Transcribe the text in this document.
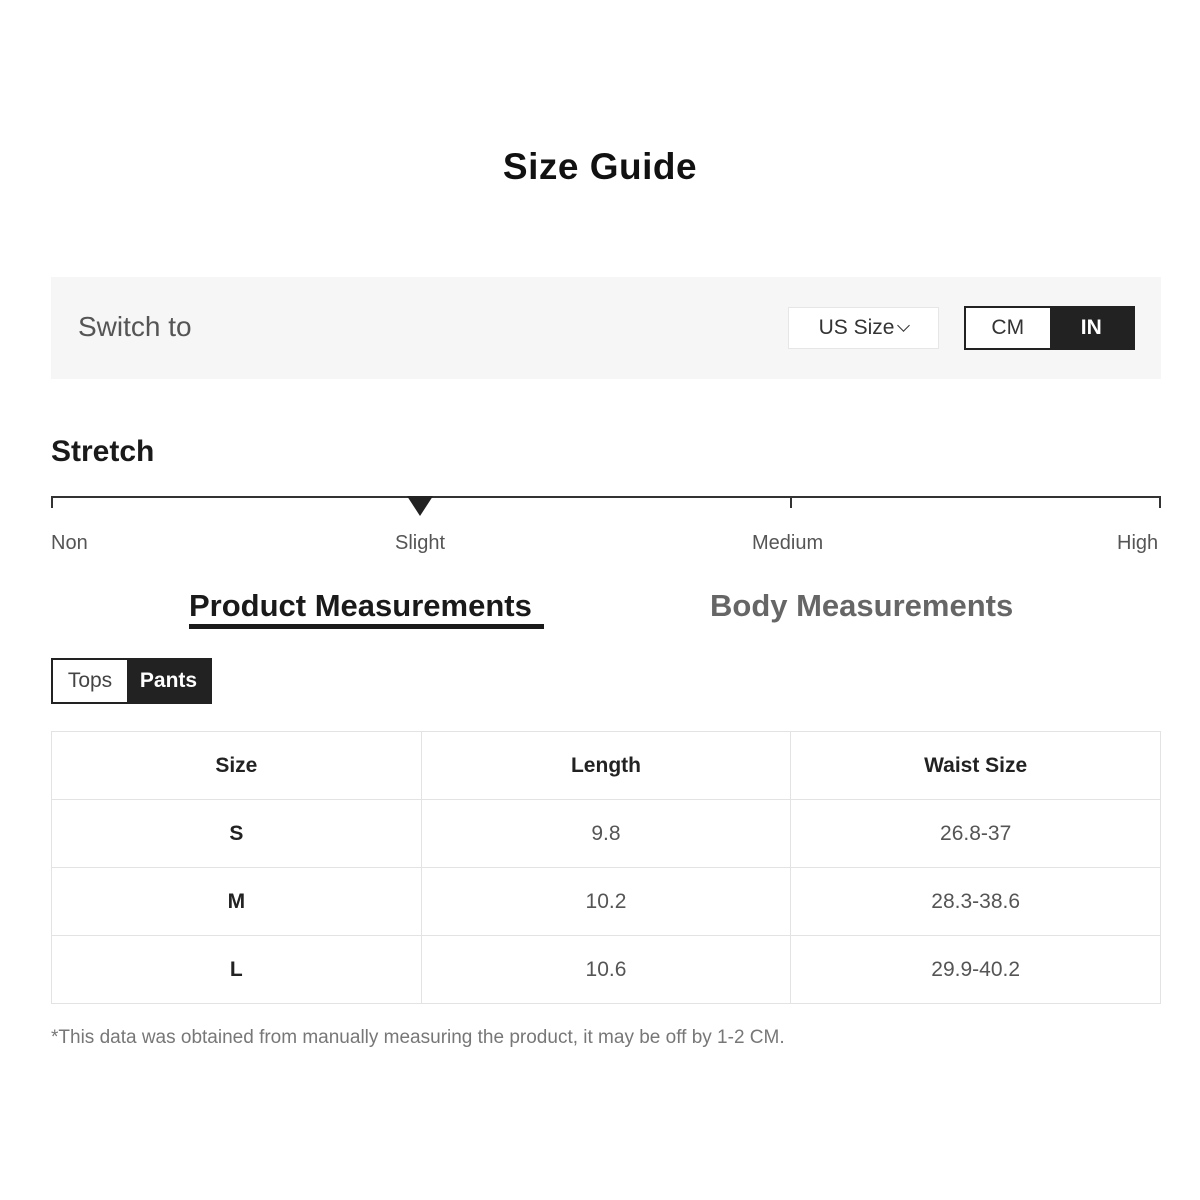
Size Guide
Switch to	US Size	CM	IN
Stretch
Non	Slight	Medium	High
Product Measurements	Body Measurements
Tops	Pants
Size	Length	Waist Size
S	9.8	26.8-37
M	10.2	28.3-38.6
L	10.6	29.9-40.2
*This data was obtained from manually measuring the product, it may be off by 1-2 CM.
